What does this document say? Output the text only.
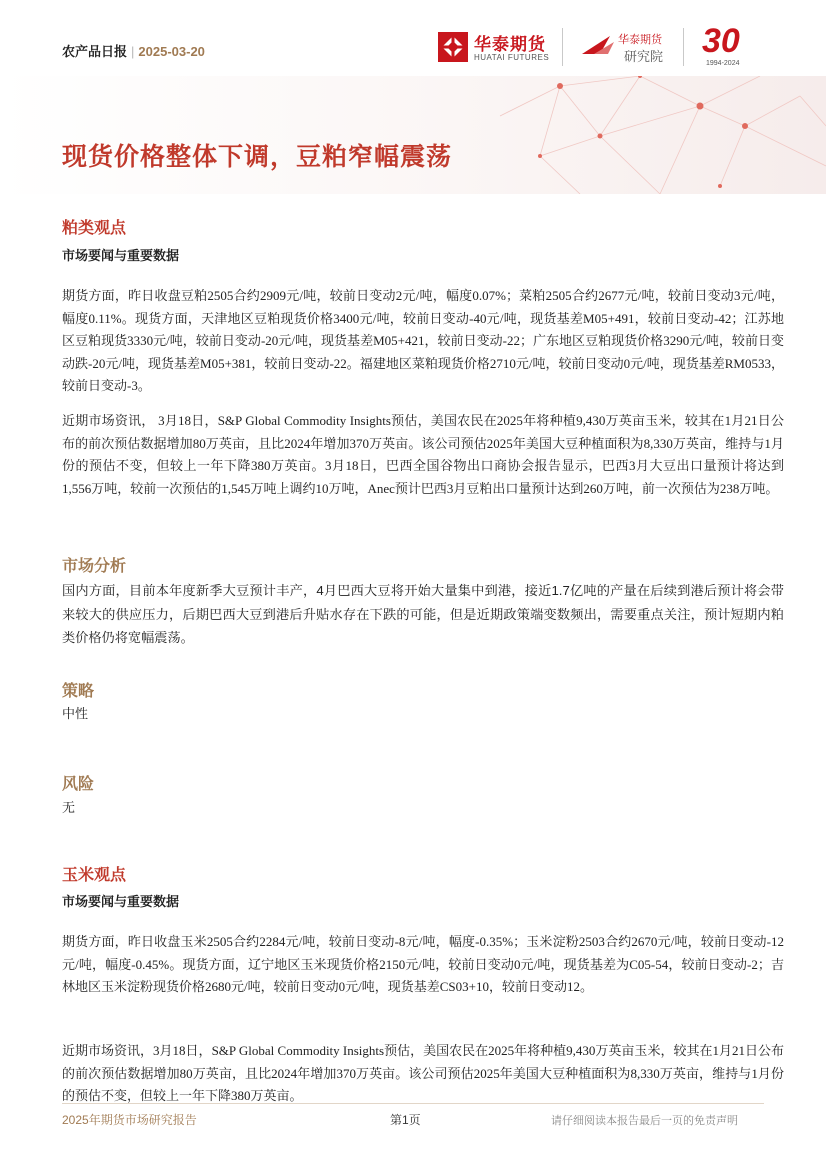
农产品日报 | 2025-03-20	华泰期货
HUATAI FUTURES
华泰期货
研究院 30
1994-2024
现货价格整体下调，豆粕窄幅震荡
粕类观点
市场要闻与重要数据

期货方面，昨日收盘豆粕2505合约2909元/吨，较前日变动2元/吨，幅度0.07%；菜粕2505合约2677元/吨，较前日变动3元/吨，幅度0.11%。现货方面，天津地区豆粕现货价格3400元/吨，较前日变动-40元/吨，现货基差M05+491，较前日变动-42；江苏地区豆粕现货3330元/吨，较前日变动-20元/吨，现货基差M05+421，较前日变动-22；广东地区豆粕现货价格3290元/吨，较前日变动跌-20元/吨，现货基差M05+381，较前日变动-22。福建地区菜粕现货价格2710元/吨，较前日变动0元/吨，现货基差RM0533，较前日变动-3。

近期市场资讯， 3月18日，S&P Global Commodity Insights预估，美国农民在2025年将种植9,430万英亩玉米，较其在1月21日公布的前次预估数据增加80万英亩，且比2024年增加370万英亩。该公司预估2025年美国大豆种植面积为8,330万英亩，维持与1月份的预估不变，但较上一年下降380万英亩。3月18日，巴西全国谷物出口商协会报告显示，巴西3月大豆出口量预计将达到1,556万吨，较前一次预估的1,545万吨上调约10万吨，Anec预计巴西3月豆粕出口量预计达到260万吨，前一次预估为238万吨。

市场分析

国内方面，目前本年度新季大豆预计丰产，4月巴西大豆将开始大量集中到港，接近1.7亿吨的产量在后续到港后预计将会带来较大的供应压力，后期巴西大豆到港后升贴水存在下跌的可能，但是近期政策端变数频出，需要重点关注，预计短期内粕类价格仍将宽幅震荡。

策略
中性
风险
无
玉米观点
市场要闻与重要数据

期货方面，昨日收盘玉米2505合约2284元/吨，较前日变动-8元/吨，幅度-0.35%；玉米淀粉2503合约2670元/吨，较前日变动-12元/吨，幅度-0.45%。现货方面，辽宁地区玉米现货价格2150元/吨，较前日变动0元/吨，现货基差为C05-54，较前日变动-2；吉林地区玉米淀粉现货价格2680元/吨，较前日变动0元/吨，现货基差CS03+10，较前日变动12。

近期市场资讯，3月18日，S&P Global Commodity Insights预估，美国农民在2025年将种植9,430万英亩玉米，较其在1月21日公布的前次预估数据增加80万英亩，且比2024年增加370万英亩。该公司预估2025年美国大豆种植面积为8,330万英亩，维持与1月份的预估不变，但较上一年下降380万英亩。

2025年期货市场研究报告	第1页	请仔细阅读本报告最后一页的免责声明
